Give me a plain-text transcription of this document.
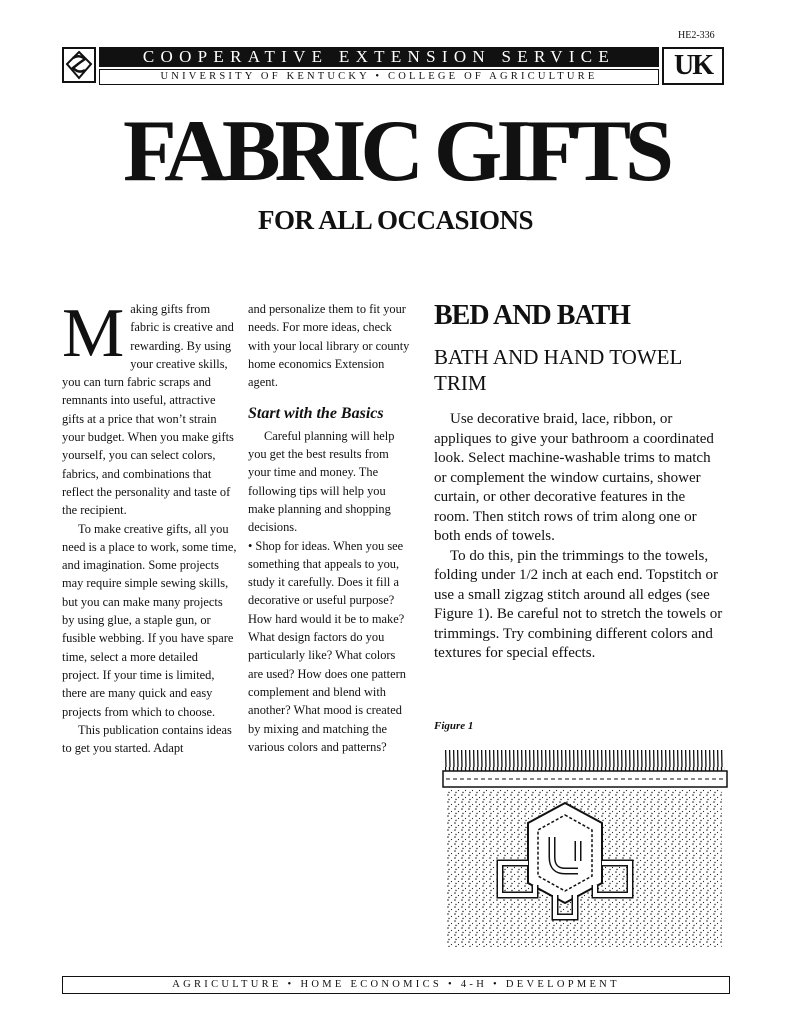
HE2-336
COOPERATIVE EXTENSION SERVICE
UNIVERSITY OF KENTUCKY • COLLEGE OF AGRICULTURE	UK
FABRIC GIFTS
FOR ALL OCCASIONS
M aking gifts from fabric is creative and rewarding. By using your creative skills, you can turn fabric scraps and remnants into useful, attractive gifts at a price that won’t strain your budget. When you make gifts yourself, you can select colors, fabrics, and combinations that reflect the personality and taste of the recipient.

To make creative gifts, all you need is a place to work, some time, and imagination. Some projects may require simple sewing skills, but you can make many projects by using glue, a staple gun, or fusible webbing. If you have spare time, select a more detailed project. If your time is limited, there are many quick and easy projects from which to choose.

This publication contains ideas to get you started. Adapt

and personalize them to fit your needs. For more ideas, check with your local library or county home economics Extension agent.

Start with the Basics

Careful planning will help you get the best results from your time and money. The following tips will help you make planning and shopping decisions.

• Shop for ideas. When you see something that appeals to you, study it carefully. Does it fill a decorative or useful purpose? How hard would it be to make? What design factors do you particularly like? What colors are used? How does one pattern complement and blend with another? What mood is created by mixing and matching the various colors and patterns?

BED AND BATH
BATH AND HAND TOWEL TRIM

Use decorative braid, lace, ribbon, or appliques to give your bathroom a coordinated look. Select machine-washable trims to match or complement the window curtains, shower curtain, or other decorative features in the room. Then stitch rows of trim along one or both ends of towels.

To do this, pin the trimmings to the towels, folding under 1/2 inch at each end. Topstitch or use a small zigzag stitch around all edges (see Figure 1). Be careful not to stretch the towels or trimmings. Try combining different colors and textures for special effects.

Figure 1
AGRICULTURE • HOME ECONOMICS • 4-H • DEVELOPMENT
